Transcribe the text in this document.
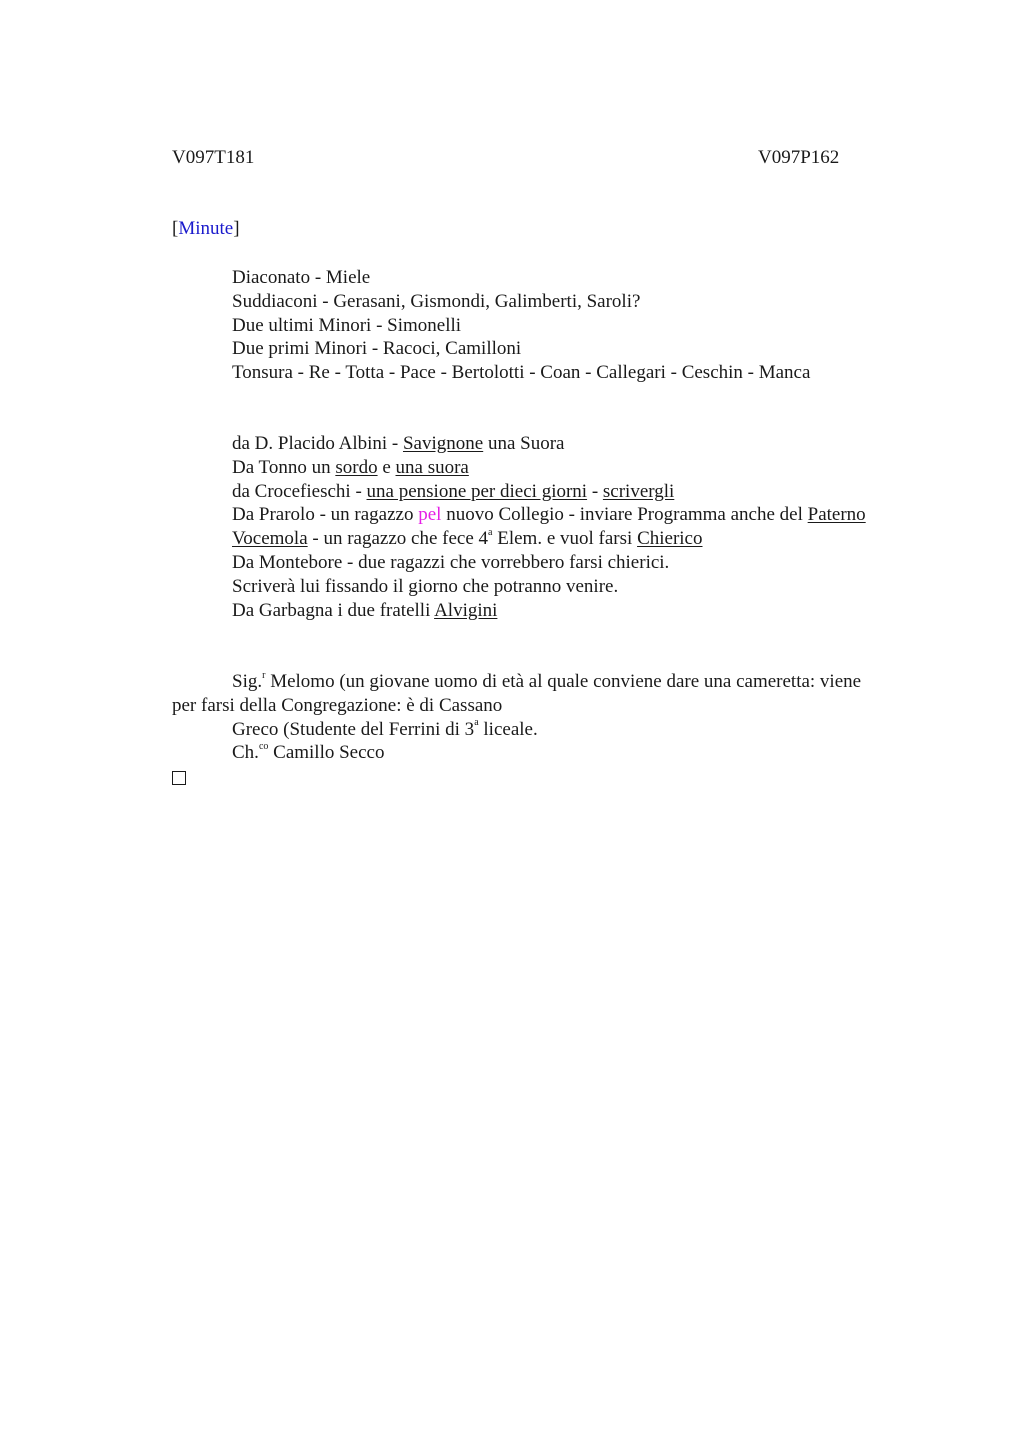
V097T181	V097P162
[Minute]
Diaconato - Miele
Suddiaconi - Gerasani, Gismondi, Galimberti, Saroli?
Due ultimi Minori - Simonelli
Due primi Minori - Racoci, Camilloni
Tonsura - Re - Totta - Pace - Bertolotti - Coan - Callegari - Ceschin - Manca
da D. Placido Albini - Savignone una Suora
Da Tonno un sordo e una suora
da Crocefieschi - una pensione per dieci giorni - scrivergli
Da Prarolo - un ragazzo pel nuovo Collegio - inviare Programma anche del Paterno
Vocemola - un ragazzo che fece 4$^a$ Elem. e vuol farsi Chierico
Da Montebore - due ragazzi che vorrebbero farsi chierici.
Scriverà lui fissando il giorno che potranno venire.
Da Garbagna i due fratelli Alvigini
Sig.$^r$ Melomo (un giovane uomo di età al quale conviene dare una cameretta: viene
per farsi della Congregazione: è di Cassano
Greco (Studente del Ferrini di 3$^a$ liceale.
Ch.$^{co}$ Camillo Secco
